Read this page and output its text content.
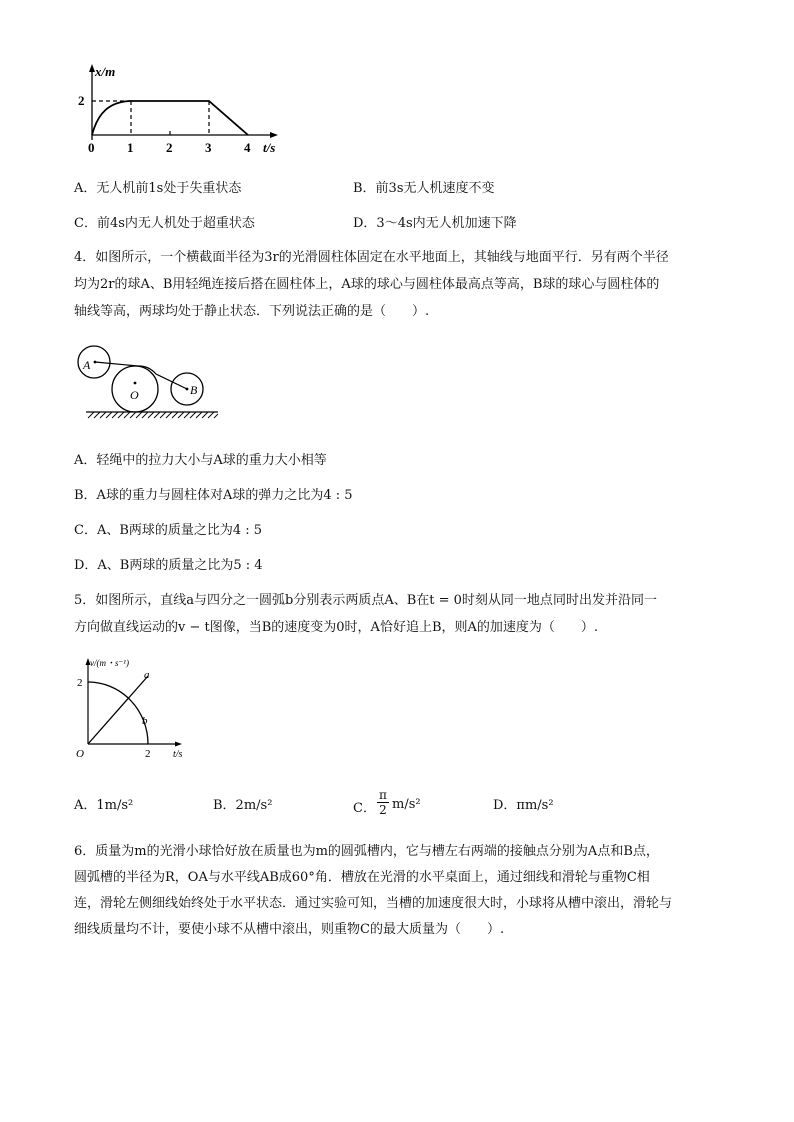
x/m
2
0	1	2	3	4 t/s
A．无人机前1s处于失重状态	B．前3s无人机速度不变
C．前4s内无人机处于超重状态	D．3～4s内无人机加速下降
4．如图所示，一个横截面半径为3r的光滑圆柱体固定在水平地面上，其轴线与地面平行．另有两个半径
均为2r的球A、B用轻绳连接后搭在圆柱体上，A球的球心与圆柱体最高点等高，B球的球心与圆柱体的
轴线等高，两球均处于静止状态．下列说法正确的是（　　）.
A
O	B
A．轻绳中的拉力大小与A球的重力大小相等
B．A球的重力与圆柱体对A球的弹力之比为4 : 5
C．A、B两球的质量之比为4 : 5
D．A、B两球的质量之比为5 : 4
5．如图所示，直线a与四分之一圆弧b分别表示两质点A、B在t = 0时刻从同一地点同时出发并沿同一
方向做直线运动的v − t图像，当B的速度变为0时，A恰好追上B，则A的加速度为（　　）.
v/(m・s⁻¹)
2
O	2 t/s
a
b
A．1m/s²	B．2m/s²	C． $\frac{\pi}{2} m/s^2$	D．πm/s²
6．质量为m的光滑小球恰好放在质量也为m的圆弧槽内，它与槽左右两端的接触点分别为A点和B点，
圆弧槽的半径为R，OA与水平线AB成60°角．槽放在光滑的水平桌面上，通过细线和滑轮与重物C相
连，滑轮左侧细线始终处于水平状态．通过实验可知，当槽的加速度很大时，小球将从槽中滚出，滑轮与
细线质量均不计，要使小球不从槽中滚出，则重物C的最大质量为（　　）.
